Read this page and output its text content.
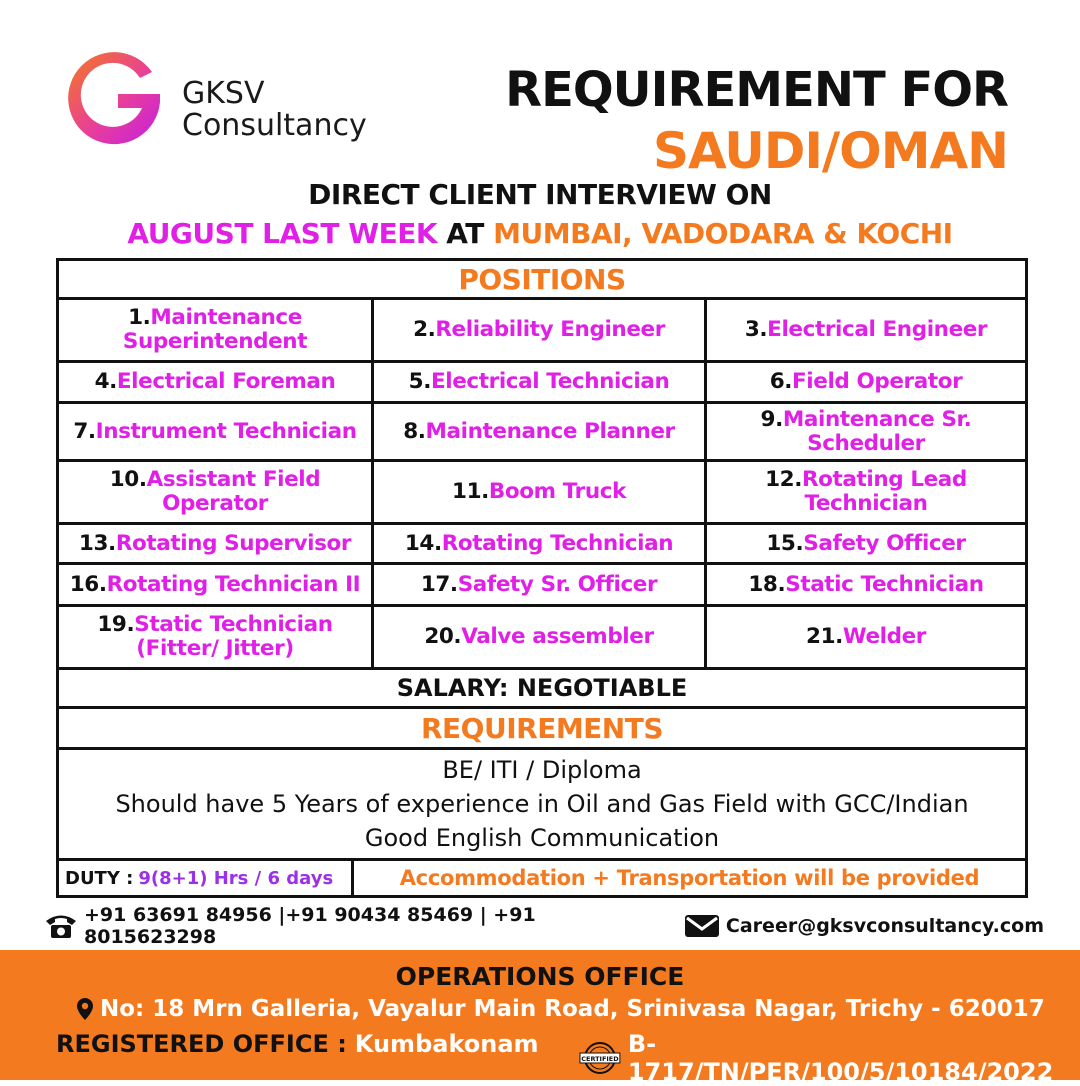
GKSV
Consultancy
REQUIREMENT FOR
SAUDI/OMAN
DIRECT CLIENT INTERVIEW ON
AUGUST LAST WEEK AT MUMBAI, VADODARA & KOCHI
POSITIONS
1.Maintenance Superintendent	2.Reliability Engineer	3.Electrical Engineer
4.Electrical Foreman	5.Electrical Technician	6.Field Operator
7.Instrument Technician 8.Maintenance Planner	9.Maintenance Sr. Scheduler
10.Assistant Field Operator	11.Boom Truck	12.Rotating Lead Technician
13.Rotating Supervisor	14.Rotating Technician	15.Safety Officer
16.Rotating Technician II	17.Safety Sr. Officer	18.Static Technician
19.Static Technician (Fitter/ Jitter)	20.Valve assembler	21.Welder
SALARY: NEGOTIABLE
REQUIREMENTS
BE/ ITI / Diploma
Should have 5 Years of experience in Oil and Gas Field with GCC/Indian
Good English Communication
DUTY : 9(8+1) Hrs / 6 days	Accommodation + Transportation will be provided
+91 63691 84956 |+91 90434 85469 | +91 8015623298	Career@gksvconsultancy.com
OPERATIONS OFFICE
No: 18 Mrn Galleria, Vayalur Main Road, Srinivasa Nagar, Trichy - 620017
REGISTERED OFFICE : Kumbakonam
CERTIFIED
B-1717/TN/PER/100/5/10184/2022
